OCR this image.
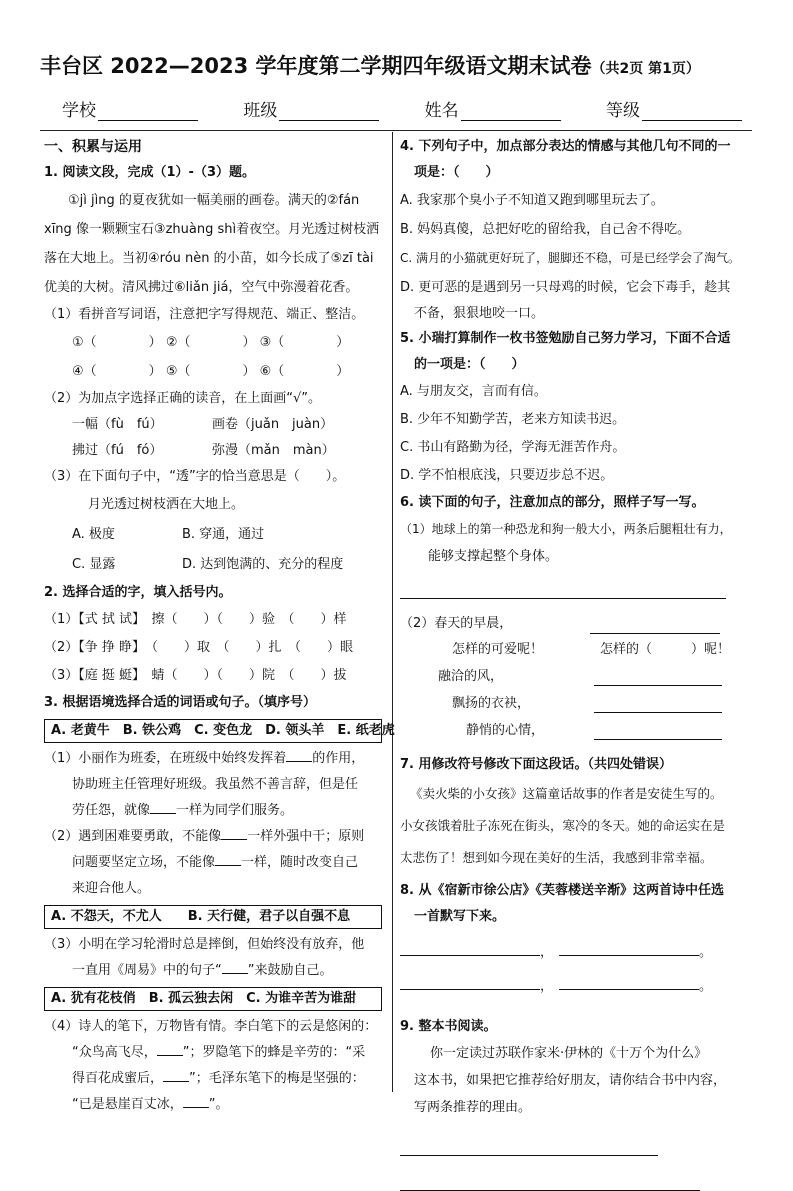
丰台区 2022—2023 学年度第二学期四年级语文期末试卷（共2页 第1页）
学校	班级	姓名	等级
一、积累与运用
1. 阅读文段，完成（1）-（3）题。
①jì jìng 的夏夜犹如一幅美丽的画卷。满天的②fán
xīng 像一颗颗宝石③zhuàng shì着夜空。月光透过树枝洒
落在大地上。当初④róu nèn 的小苗，如今长成了⑤zī tài
优美的大树。清风拂过⑥liǎn jiá，空气中弥漫着花香。
（1）看拼音写词语，注意把字写得规范、端正、整洁。
①（	） ②（	） ③（	）
④（	） ⑤（	） ⑥（	）
（2）为加点字选择正确的读音，在上面画“√”。
一幅（fù　fú）	画卷（juǎn　juàn）
拂过（fú　fó）	弥漫（mǎn　màn）
（3）在下面句子中，“透”字的恰当意思是（　　）。
月光透过树枝洒在大地上。
A. 极度	B. 穿通，通过
C. 显露	D. 达到饱满的、充分的程度
2. 选择合适的字，填入括号内。
（1）【式 拭 试】　擦（　　）（　　）验　（　　）样
（2）【争 挣 睁】　（　　）取　（　　）扎　（　　）眼
（3）【庭 挺 蜓】　蜻（　　）（　　）院　（　　）拔
3. 根据语境选择合适的词语或句子。（填序号）
A. 老黄牛　B. 铁公鸡　C. 变色龙　D. 领头羊　E. 纸老虎
（1）小丽作为班委，在班级中始终发挥着 的作用，
协助班主任管理好班级。我虽然不善言辞，但是任
劳任怨，就像 一样为同学们服务。
（2）遇到困难要勇敢，不能像 一样外强中干；原则
问题要坚定立场，不能像 一样，随时改变自己
来迎合他人。
A. 不怨天，不尤人　　B. 天行健，君子以自强不息
（3）小明在学习轮滑时总是摔倒，但始终没有放弃，他
一直用《周易》中的句子“ ”来鼓励自己。
A. 犹有花枝俏　B. 孤云独去闲　C. 为谁辛苦为谁甜
（4）诗人的笔下，万物皆有情。李白笔下的云是悠闲的：
“众鸟高飞尽， ”；罗隐笔下的蜂是辛劳的：“采
得百花成蜜后， ”；毛泽东笔下的梅是坚强的：
“已是悬崖百丈冰， ”。
4. 下列句子中，加点部分表达的情感与其他几句不同的一
项是：（　　）
A. 我家那个臭小子不知道又跑到哪里玩去了。
B. 妈妈真傻，总把好吃的留给我，自己舍不得吃。
C. 满月的小猫就更好玩了，腿脚还不稳，可是已经学会了淘气。
D. 更可恶的是遇到另一只母鸡的时候，它会下毒手，趁其
不备，狠狠地咬一口。
5. 小瑞打算制作一枚书签勉励自己努力学习，下面不合适
的一项是：（　　）
A. 与朋友交，言而有信。
B. 少年不知勤学苦，老来方知读书迟。
C. 书山有路勤为径，学海无涯苦作舟。
D. 学不怕根底浅，只要迈步总不迟。
6. 读下面的句子，注意加点的部分，照样子写一写。
（1）地球上的第一种恐龙和狗一般大小，两条后腿粗壮有力，
能够支撑起整个身体。
（2）春天的早晨，
怎样的可爱呢！	怎样的（　　　）呢！
融洽的风，
飘扬的衣袂，
静悄的心情，
7. 用修改符号修改下面这段话。（共四处错误）
《卖火柴的小女孩》这篇童话故事的作者是安徒生写的。
小女孩饿着肚子冻死在街头，寒冷的冬天。她的命运实在是
太悲伤了！想到如今现在美好的生活，我感到非常幸福。
8. 从《宿新市徐公店》《芙蓉楼送辛渐》这两首诗中任选
一首默写下来。
，	。
，	。
9. 整本书阅读。
你一定读过苏联作家米·伊林的《十万个为什么》
这本书，如果把它推荐给好朋友，请你结合书中内容，
写两条推荐的理由。
